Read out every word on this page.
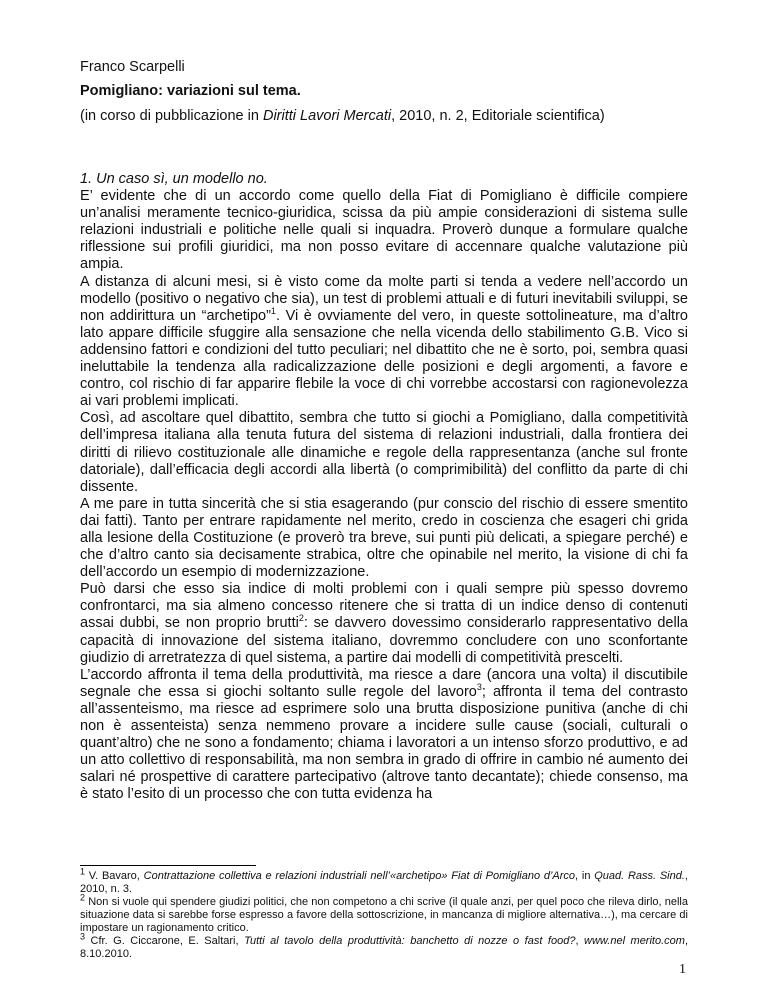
Franco Scarpelli
Pomigliano: variazioni sul tema.
(in corso di pubblicazione in Diritti Lavori Mercati, 2010, n. 2, Editoriale scientifica)

1. Un caso sì, un modello no.

E’ evidente che di un accordo come quello della Fiat di Pomigliano è difficile compiere un’analisi meramente tecnico-giuridica, scissa da più ampie considerazioni di sistema sulle relazioni industriali e politiche nelle quali si inquadra. Proverò dunque a formulare qualche riflessione sui profili giuridici, ma non posso evitare di accennare qualche valutazione più ampia.

A distanza di alcuni mesi, si è visto come da molte parti si tenda a vedere nell’accordo un modello (positivo o negativo che sia), un test di problemi attuali e di futuri inevitabili sviluppi, se non addirittura un “archetipo”$^1$. Vi è ovviamente del vero, in queste sottolineature, ma d’altro lato appare difficile sfuggire alla sensazione che nella vicenda dello stabilimento G.B. Vico si addensino fattori e condizioni del tutto peculiari; nel dibattito che ne è sorto, poi, sembra quasi ineluttabile la tendenza alla radicalizzazione delle posizioni e degli argomenti, a favore e contro, col rischio di far apparire flebile la voce di chi vorrebbe accostarsi con ragionevolezza ai vari problemi implicati.

Così, ad ascoltare quel dibattito, sembra che tutto si giochi a Pomigliano, dalla competitività dell’impresa italiana alla tenuta futura del sistema di relazioni industriali, dalla frontiera dei diritti di rilievo costituzionale alle dinamiche e regole della rappresentanza (anche sul fronte datoriale), dall’efficacia degli accordi alla libertà (o comprimibilità) del conflitto da parte di chi dissente.

A me pare in tutta sincerità che si stia esagerando (pur conscio del rischio di essere smentito dai fatti). Tanto per entrare rapidamente nel merito, credo in coscienza che esageri chi grida alla lesione della Costituzione (e proverò tra breve, sui punti più delicati, a spiegare perché) e che d’altro canto sia decisamente strabica, oltre che opinabile nel merito, la visione di chi fa dell’accordo un esempio di modernizzazione.

Può darsi che esso sia indice di molti problemi con i quali sempre più spesso dovremo confrontarci, ma sia almeno concesso ritenere che si tratta di un indice denso di contenuti assai dubbi, se non proprio brutti$^2$: se davvero dovessimo considerarlo rappresentativo della capacità di innovazione del sistema italiano, dovremmo concludere con uno sconfortante giudizio di arretratezza di quel sistema, a partire dai modelli di competitività prescelti.

L’accordo affronta il tema della produttività, ma riesce a dare (ancora una volta) il discutibile segnale che essa si giochi soltanto sulle regole del lavoro$^3$; affronta il tema del contrasto all’assenteismo, ma riesce ad esprimere solo una brutta disposizione punitiva (anche di chi non è assenteista) senza nemmeno provare a incidere sulle cause (sociali, culturali o quant’altro) che ne sono a fondamento; chiama i lavoratori a un intenso sforzo produttivo, e ad un atto collettivo di responsabilità, ma non sembra in grado di offrire in cambio né aumento dei salari né prospettive di carattere partecipativo (altrove tanto decantate); chiede consenso, ma è stato l’esito di un processo che con tutta evidenza ha

$^1$ V. Bavaro, Contrattazione collettiva e relazioni industriali nell’«archetipo» Fiat di Pomigliano d’Arco, in Quad. Rass. Sind., 2010, n. 3.

$^2$ Non si vuole qui spendere giudizi politici, che non competono a chi scrive (il quale anzi, per quel poco che rileva dirlo, nella situazione data si sarebbe forse espresso a favore della sottoscrizione, in mancanza di migliore alternativa…), ma cercare di impostare un ragionamento critico.

$^3$ Cfr. G. Ciccarone, E. Saltari, Tutti al tavolo della produttività: banchetto di nozze o fast food?, www.nel merito.com, 8.10.2010.

1
